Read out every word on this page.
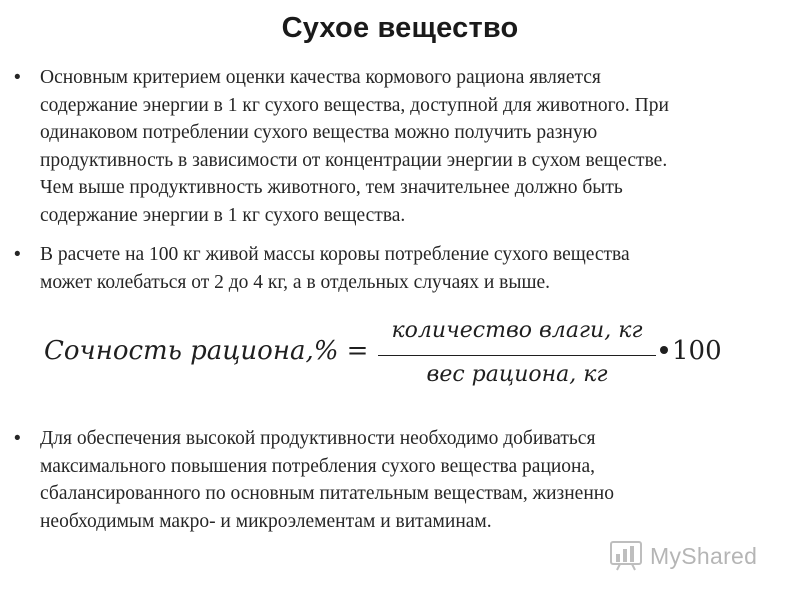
Сухое вещество
• Основным критерием оценки качества кормового рациона является
содержание энергии в 1 кг сухого вещества, доступной для животного. При
одинаковом потреблении сухого вещества можно получить разную
продуктивность в зависимости от концентрации энергии в сухом веществе.
Чем выше продуктивность животного, тем значительнее должно быть
содержание энергии в 1 кг сухого вещества.
• В расчете на 100 кг живой массы коровы потребление сухого вещества
может колебаться от 2 до 4 кг, а в отдельных случаях и выше.
Сочность рациона,% =
количество влаги, кг
вес рациона, кг
100
• Для обеспечения высокой продуктивности необходимо добиваться
максимального повышения потребления сухого вещества рациона,
сбалансированного по основным питательным веществам, жизненно
необходимым макро- и микроэлементам и витаминам.
MyShared
